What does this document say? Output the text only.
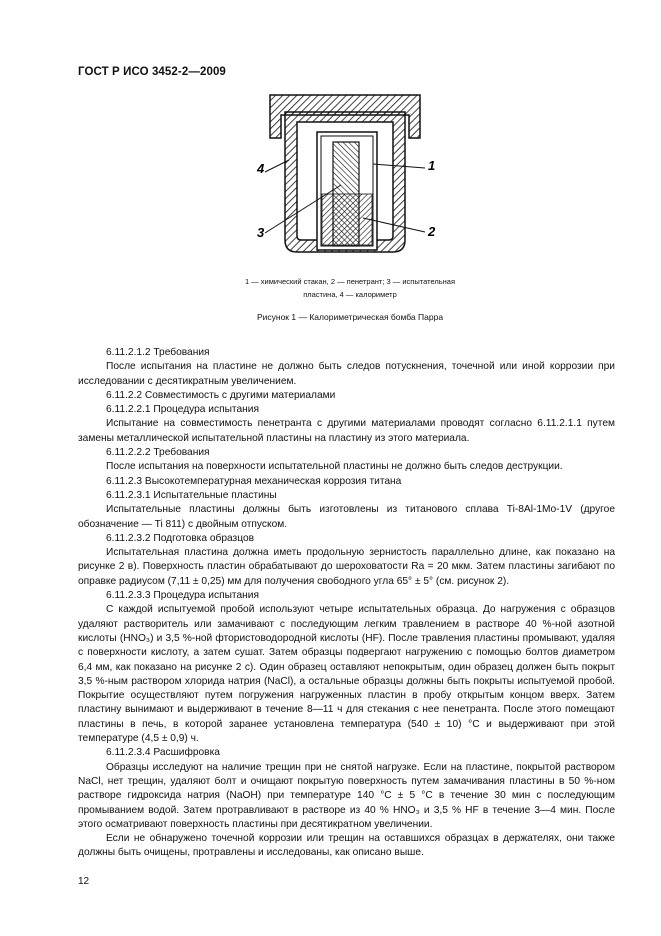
ГОСТ Р ИСО 3452-2—2009
4	1
3	2
1 — химический стакан, 2 — пенетрант; 3 — испытательная
пластина, 4 — калориметр
Рисунок 1 — Калориметрическая бомба Парра

6.11.2.1.2 Требования

После испытания на пластине не должно быть следов потускнения, точечной или иной коррозии при исследовании с десятикратным увеличением.

6.11.2.2 Совместимость с другими материалами

6.11.2.2.1 Процедура испытания

Испытание на совместимость пенетранта с другими материалами проводят согласно 6.11.2.1.1 путем замены металлической испытательной пластины на пластину из этого материала.

6.11.2.2.2 Требования

После испытания на поверхности испытательной пластины не должно быть следов деструкции.

6.11.2.3 Высокотемпературная механическая коррозия титана

6.11.2.3.1 Испытательные пластины

Испытательные пластины должны быть изготовлены из титанового сплава Ti-8Al-1Mo-1V (другое обозначение — Ti 811) с двойным отпуском.

6.11.2.3.2 Подготовка образцов

Испытательная пластина должна иметь продольную зернистость параллельно длине, как показано на рисунке 2 в). Поверхность пластин обрабатывают до шероховатости Ra = 20 мкм. Затем пластины загибают по оправке радиусом (7,11 ± 0,25) мм для получения свободного угла 65° ± 5° (см. рисунок 2).

6.11.2.3.3 Процедура испытания

С каждой испытуемой пробой используют четыре испытательных образца. До нагружения с образцов удаляют растворитель или замачивают с последующим легким травлением в растворе 40 %-ной азотной кислоты (HNO₃) и 3,5 %-ной фтористоводородной кислоты (HF). После травления пластины промывают, удаляя с поверхности кислоту, а затем сушат. Затем образцы подвергают нагружению с помощью болтов диаметром 6,4 мм, как показано на рисунке 2 с). Один образец оставляют непокрытым, один образец должен быть покрыт 3,5 %-ным раствором хлорида натрия (NaCl), а остальные образцы должны быть покрыты испытуемой пробой. Покрытие осуществляют путем погружения нагруженных пластин в пробу открытым концом вверх. Затем пластину вынимают и выдерживают в течение 8—11 ч для стекания с нее пенетранта. После этого помещают пластины в печь, в которой заранее установлена температура (540 ± 10) °С и выдерживают при этой температуре (4,5 ± 0,9) ч.

6.11.2.3.4 Расшифровка

Образцы исследуют на наличие трещин при не снятой нагрузке. Если на пластине, покрытой раствором NaCl, нет трещин, удаляют болт и очищают покрытую поверхность путем замачивания пластины в 50 %-ном растворе гидроксида натрия (NaOH) при температуре 140 °С ± 5 °С в течение 30 мин с последующим промыванием водой. Затем протравливают в растворе из 40 % HNO₃ и 3,5 % HF в течение 3—4 мин. После этого осматривают поверхность пластины при десятикратном увеличении.

Если не обнаружено точечной коррозии или трещин на оставшихся образцах в держателях, они также должны быть очищены, протравлены и исследованы, как описано выше.

12
